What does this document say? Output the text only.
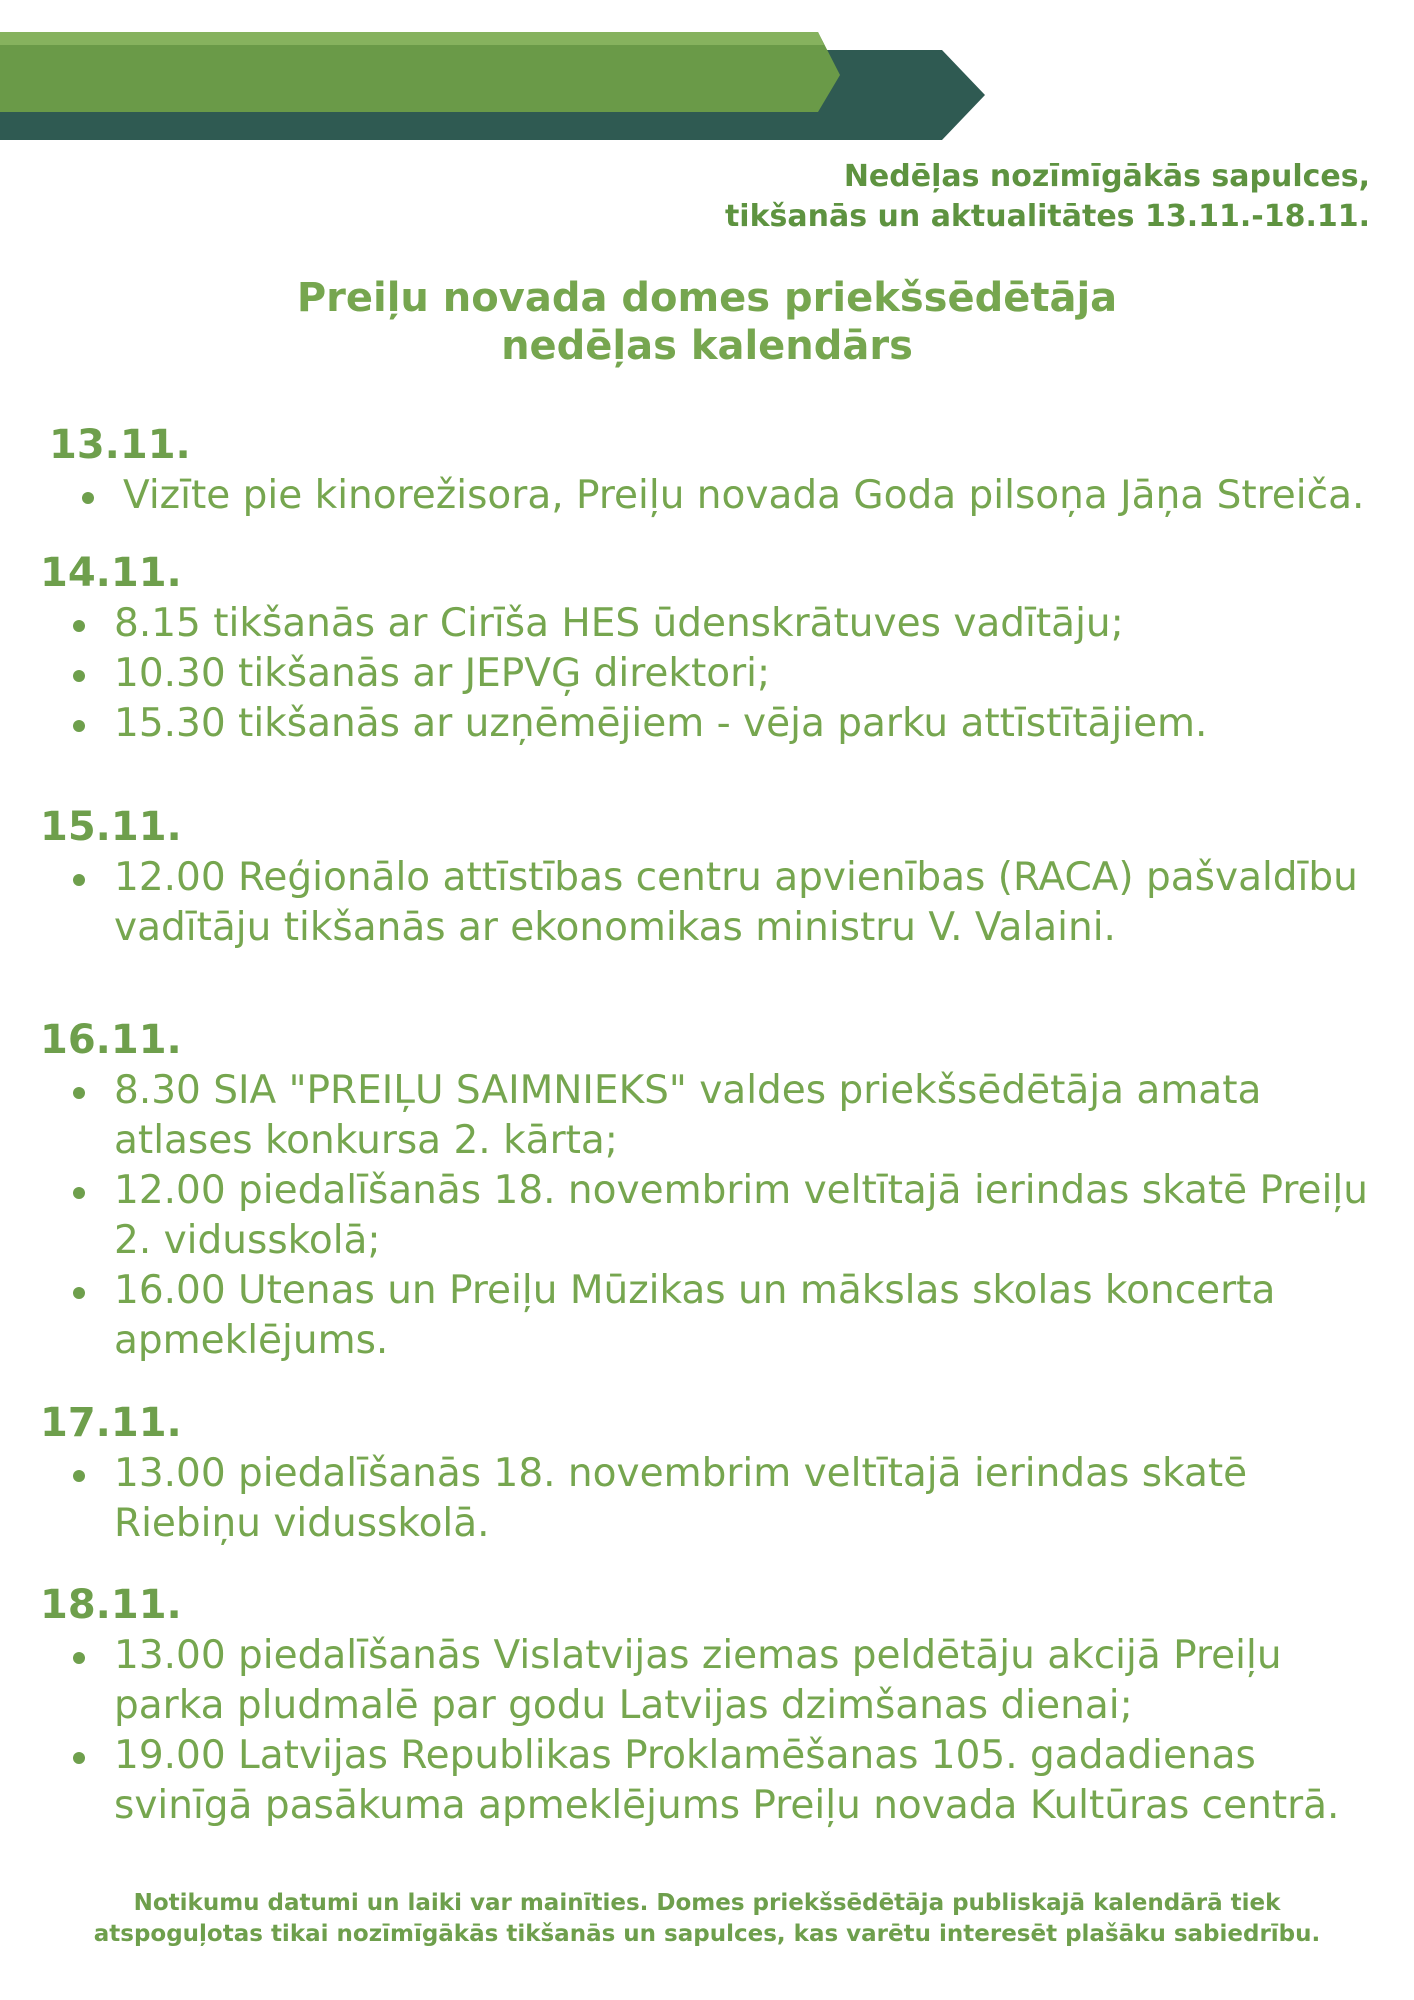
Nedēļas nozīmīgākās sapulces,
tikšanās un aktualitātes 13.11.-18.11.
Preiļu novada domes priekšsēdētāja
nedēļas kalendārs
13.11.
Vizīte pie kinorežisora, Preiļu novada Goda pilsoņa Jāņa Streiča.
14.11.
8.15 tikšanās ar Cirīša HES ūdenskrātuves vadītāju;
10.30 tikšanās ar JEPVĢ direktori;
15.30 tikšanās ar uzņēmējiem - vēja parku attīstītājiem.
15.11.
12.00 Reģionālo attīstības centru apvienības (RACA) pašvaldību
vadītāju tikšanās ar ekonomikas ministru V. Valaini.
16.11.
8.30 SIA "PREIĻU SAIMNIEKS" valdes priekšsēdētāja amata
atlases konkursa 2. kārta;
12.00 piedalīšanās 18. novembrim veltītajā ierindas skatē Preiļu
2. vidusskolā;
16.00 Utenas un Preiļu Mūzikas un mākslas skolas koncerta
apmeklējums.
17.11.
13.00 piedalīšanās 18. novembrim veltītajā ierindas skatē
Riebiņu vidusskolā.
18.11.
13.00 piedalīšanās Vislatvijas ziemas peldētāju akcijā Preiļu
parka pludmalē par godu Latvijas dzimšanas dienai;
19.00 Latvijas Republikas Proklamēšanas 105. gadadienas
svinīgā pasākuma apmeklējums Preiļu novada Kultūras centrā.
Notikumu datumi un laiki var mainīties. Domes priekšsēdētāja publiskajā kalendārā tiek
atspoguļotas tikai nozīmīgākās tikšanās un sapulces, kas varētu interesēt plašāku sabiedrību.
